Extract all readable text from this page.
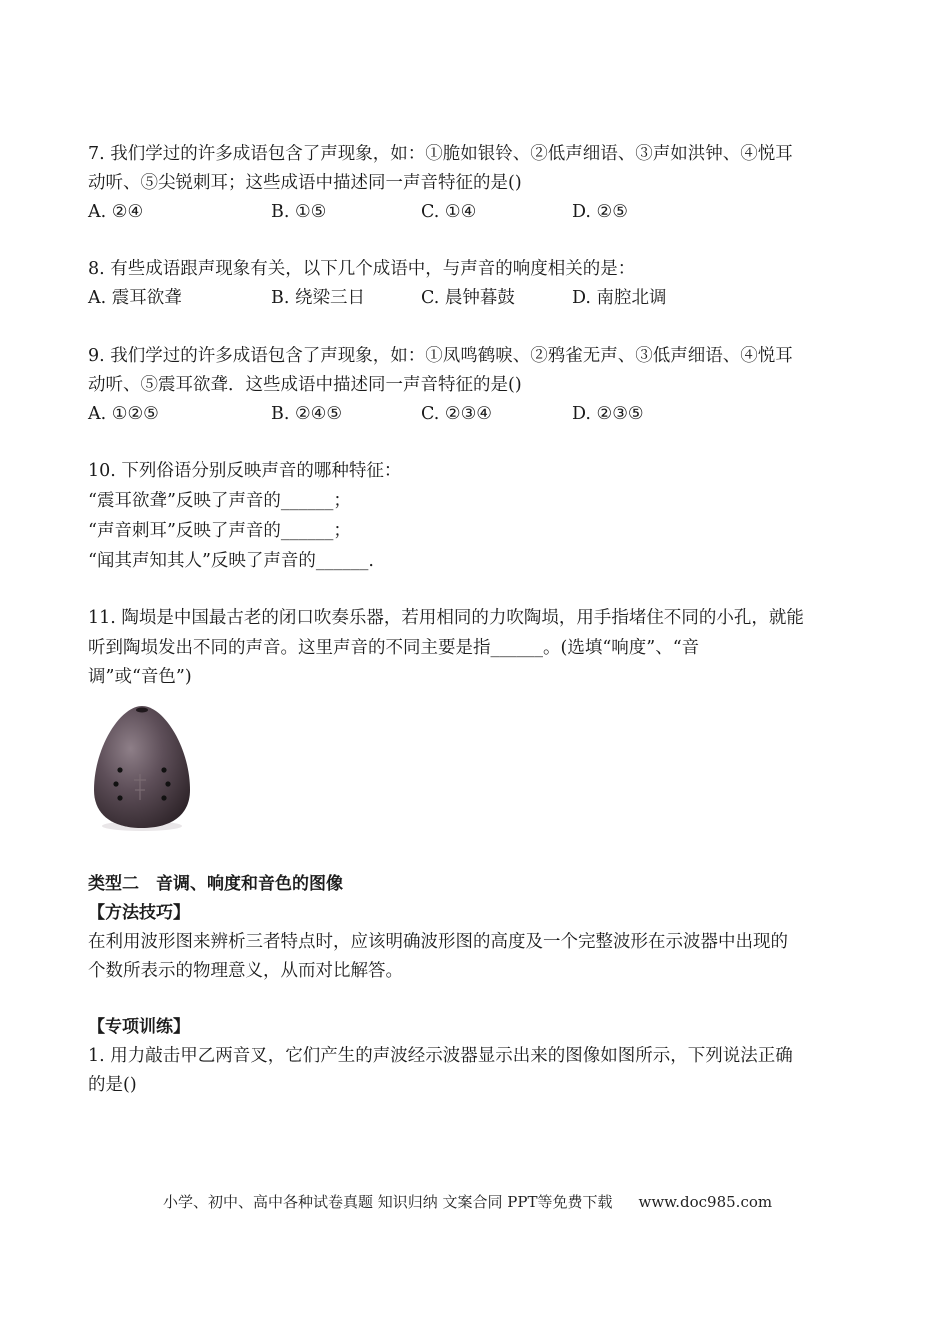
7. 我们学过的许多成语包含了声现象，如：①脆如银铃、②低声细语、③声如洪钟、④悦耳

动听、⑤尖锐刺耳；这些成语中描述同一声音特征的是()

A. ②④	B. ①⑤	C. ①④	D. ②⑤

8. 有些成语跟声现象有关，以下几个成语中，与声音的响度相关的是：

A. 震耳欲聋	B. 绕梁三日	C. 晨钟暮鼓	D. 南腔北调

9. 我们学过的许多成语包含了声现象，如：①凤鸣鹤唳、②鸦雀无声、③低声细语、④悦耳

动听、⑤震耳欲聋．这些成语中描述同一声音特征的是()

A. ①②⑤	B. ②④⑤	C. ②③④	D. ②③⑤

10. 下列俗语分别反映声音的哪种特征：

“震耳欲聋”反映了声音的______；

“声音刺耳”反映了声音的______；

“闻其声知其人”反映了声音的______.

11. 陶埙是中国最古老的闭口吹奏乐器，若用相同的力吹陶埙，用手指堵住不同的小孔，就能

听到陶埙发出不同的声音。这里声音的不同主要是指______。(选填“响度”、“音

调”或“音色”)

类型二　音调、响度和音色的图像

【方法技巧】

在利用波形图来辨析三者特点时，应该明确波形图的高度及一个完整波形在示波器中出现的

个数所表示的物理意义，从而对比解答。

【专项训练】

1. 用力敲击甲乙两音叉，它们产生的声波经示波器显示出来的图像如图所示，下列说法正确

的是()

小学、初中、高中各种试卷真题 知识归纳 文案合同 PPT等免费下载 www.doc985.com
